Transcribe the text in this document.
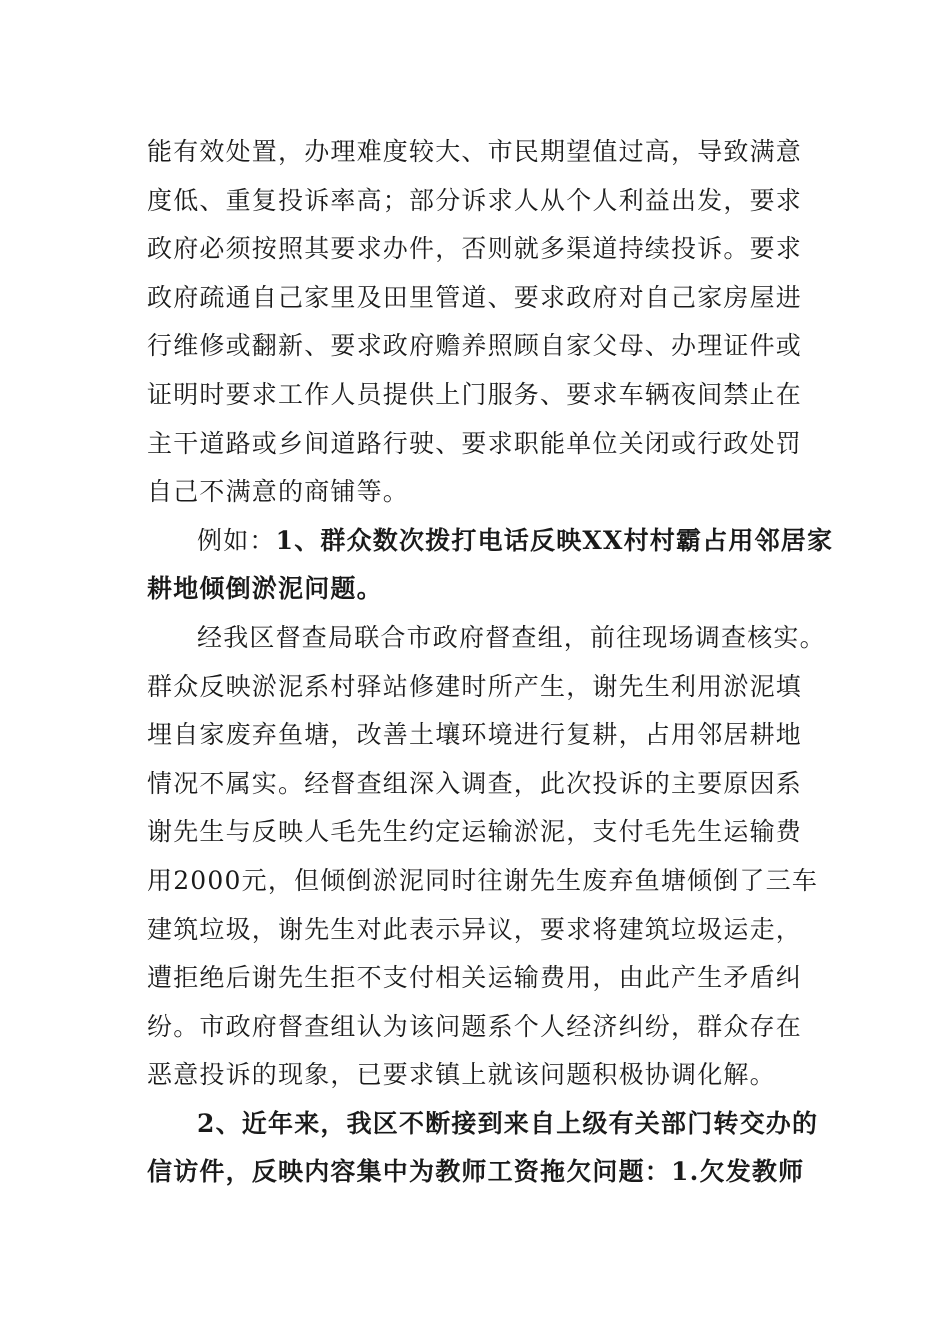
能有效处置，办理难度较大、市民期望值过高，导致满意
度低、重复投诉率高；部分诉求人从个人利益出发，要求
政府必须按照其要求办件，否则就多渠道持续投诉。要求
政府疏通自己家里及田里管道、要求政府对自己家房屋进
行维修或翻新、要求政府赡养照顾自家父母、办理证件或
证明时要求工作人员提供上门服务、要求车辆夜间禁止在
主干道路或乡间道路行驶、要求职能单位关闭或行政处罚
自己不满意的商铺等。

例如：1、群众数次拨打电话反映XX村村霸占用邻居家
耕地倾倒淤泥问题。

经我区督查局联合市政府督查组，前往现场调查核实。
群众反映淤泥系村驿站修建时所产生，谢先生利用淤泥填
埋自家废弃鱼塘，改善土壤环境进行复耕，占用邻居耕地
情况不属实。经督查组深入调查，此次投诉的主要原因系
谢先生与反映人毛先生约定运输淤泥，支付毛先生运输费
用2000元，但倾倒淤泥同时往谢先生废弃鱼塘倾倒了三车
建筑垃圾，谢先生对此表示异议，要求将建筑垃圾运走，
遭拒绝后谢先生拒不支付相关运输费用，由此产生矛盾纠
纷。市政府督查组认为该问题系个人经济纠纷，群众存在
恶意投诉的现象，已要求镇上就该问题积极协调化解。

2、近年来，我区不断接到来自上级有关部门转交办的
信访件，反映内容集中为教师工资拖欠问题：1.欠发教师
